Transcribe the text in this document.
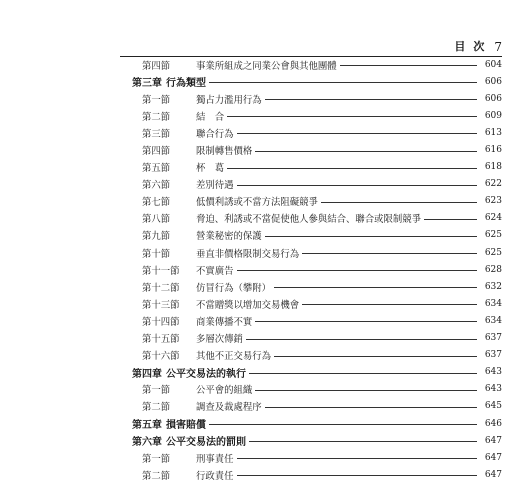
目 次 7
第四節	事業所組成之同業公會與其他團體	604
第三章 行為類型	606
第一節	獨占力濫用行為	606
第二節	結　合	609
第三節	聯合行為	613
第四節	限制轉售價格	616
第五節	杯　葛	618
第六節	差別待遇	622
第七節	低價利誘或不當方法阻礙競爭	623
第八節	脅迫、利誘或不當促使他人參與結合、聯合或限制競爭	624
第九節	營業秘密的保護	625
第十節	垂直非價格限制交易行為	625
第十一節	不實廣告	628
第十二節	仿冒行為（攀附）	632
第十三節	不當贈獎以增加交易機會	634
第十四節	商業傳播不實	634
第十五節	多層次傳銷	637
第十六節	其他不正交易行為	637
第四章 公平交易法的執行	643
第一節	公平會的組織	643
第二節	調查及裁處程序	645
第五章 損害賠償	646
第六章 公平交易法的罰則	647
第一節	刑事責任	647
第二節	行政責任	647
